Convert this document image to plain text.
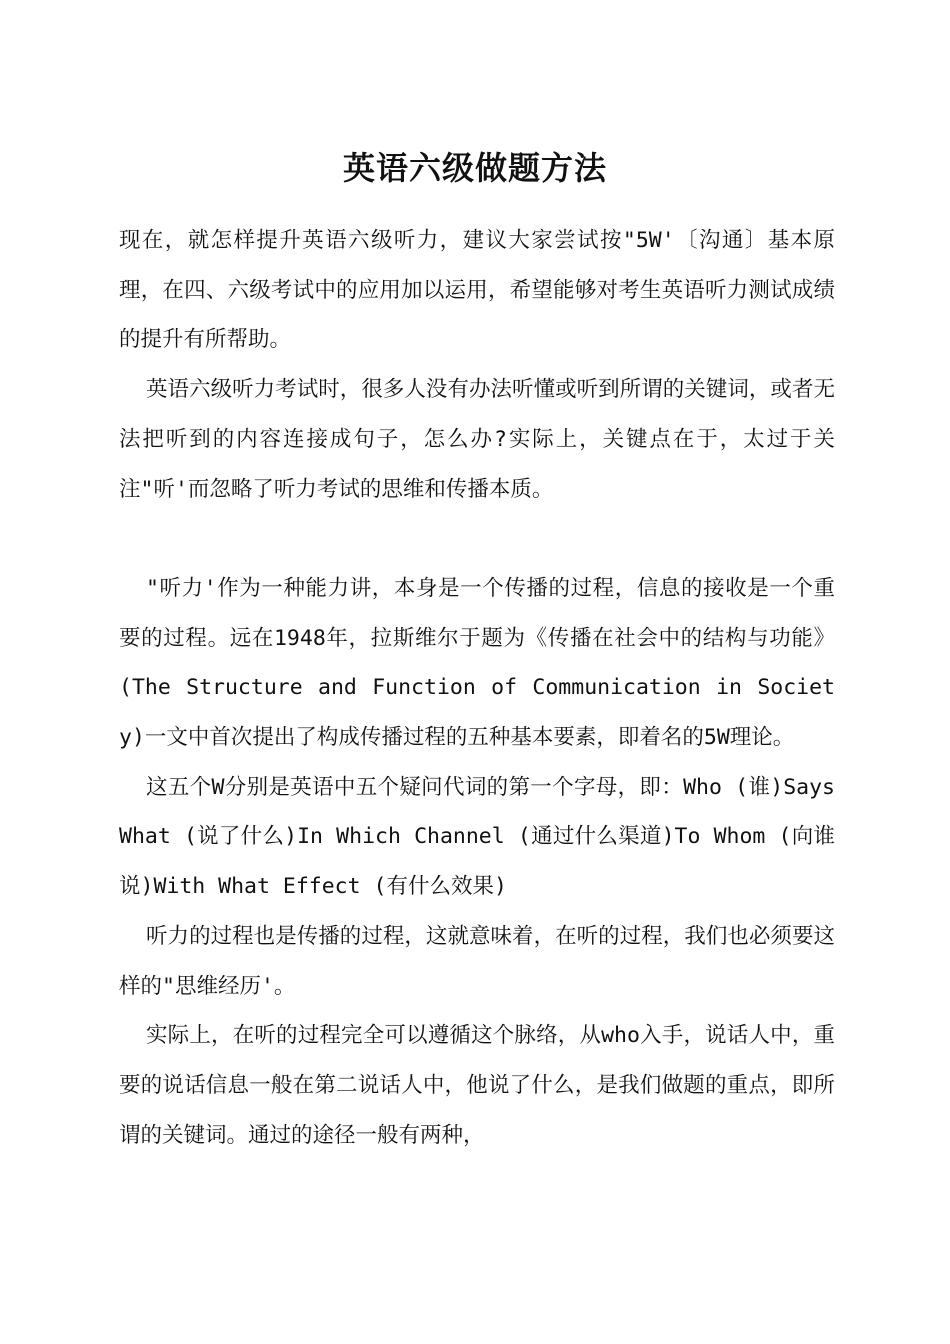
英语六级做题方法

现在，就怎样提升英语六级听力，建议大家尝试按"5W'〔沟通〕基本原理，在四、六级考试中的应用加以运用，希望能够对考生英语听力测试成绩的提升有所帮助。

英语六级听力考试时，很多人没有办法听懂或听到所谓的关键词，或者无法把听到的内容连接成句子，怎么办?实际上，关键点在于，太过于关注"听'而忽略了听力考试的思维和传播本质。

"听力'作为一种能力讲，本身是一个传播的过程，信息的接收是一个重要的过程。远在1948年，拉斯维尔于题为《传播在社会中的结构与功能》(The Structure and Function of Communication in Society)一文中首次提出了构成传播过程的五种基本要素，即着名的5W理论。

这五个W分别是英语中五个疑问代词的第一个字母，即：Who (谁)Says What (说了什么)In Which Channel (通过什么渠道)To Whom (向谁说)With What Effect (有什么效果)

听力的过程也是传播的过程，这就意味着，在听的过程，我们也必须要这样的"思维经历'。

实际上，在听的过程完全可以遵循这个脉络，从who入手，说话人中，重要的说话信息一般在第二说话人中，他说了什么，是我们做题的重点，即所谓的关键词。通过的途径一般有两种，
